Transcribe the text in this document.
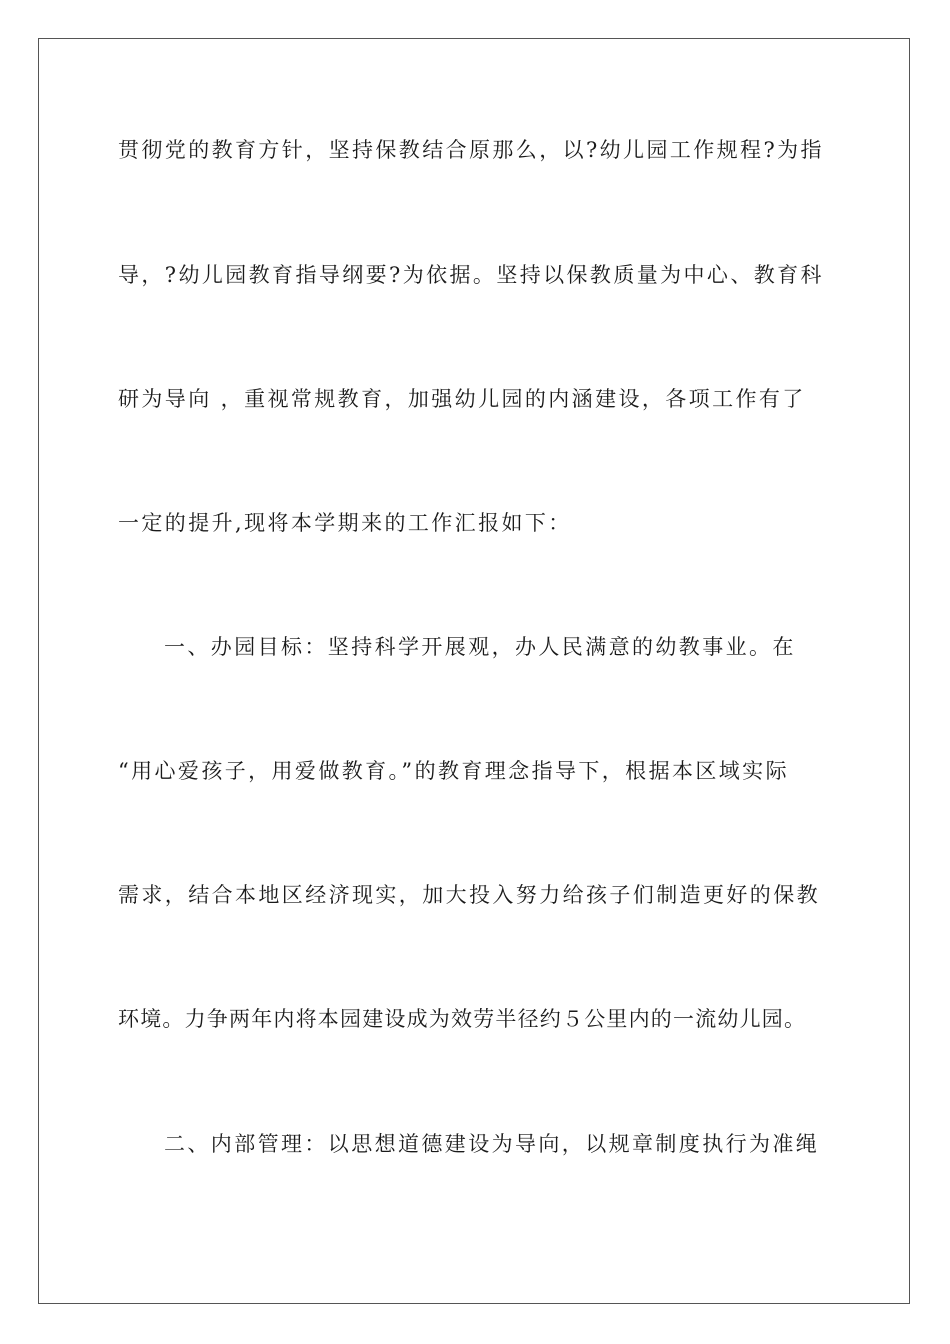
贯彻党的教育方针，坚持保教结合原那么，以?幼儿园工作规程?为指
导，?幼儿园教育指导纲要?为依据。坚持以保教质量为中心、教育科
研为导向 ，重视常规教育，加强幼儿园的内涵建设，各项工作有了
一定的提升,现将本学期来的工作汇报如下：
一、办园目标：坚持科学开展观，办人民满意的幼教事业。在
“用心爱孩子，用爱做教育。”的教育理念指导下，根据本区域实际
需求，结合本地区经济现实，加大投入努力给孩子们制造更好的保教
环境。力争两年内将本园建设成为效劳半径约５公里内的一流幼儿园。
二、内部管理：以思想道德建设为导向，以规章制度执行为准绳
